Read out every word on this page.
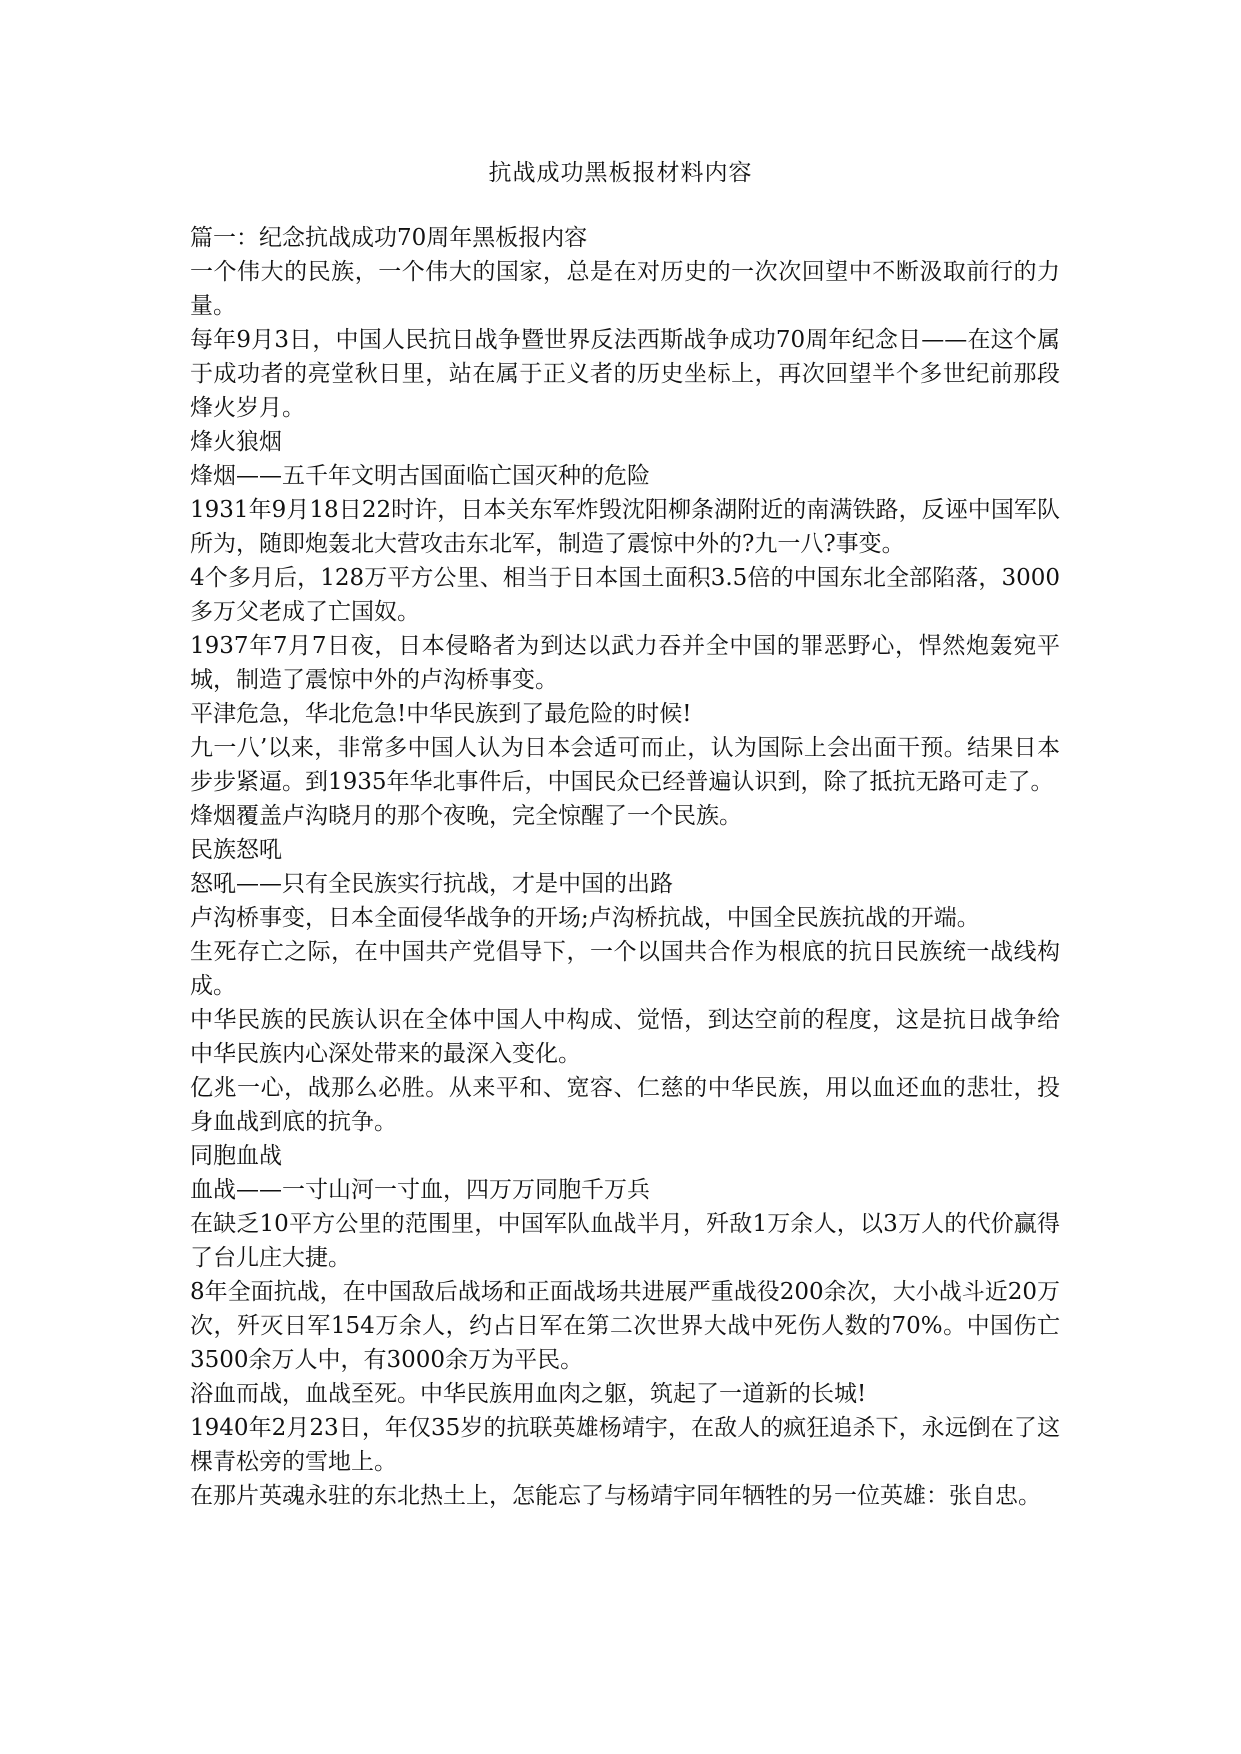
抗战成功黑板报材料内容

篇一：纪念抗战成功70周年黑板报内容

一个伟大的民族，一个伟大的国家，总是在对历史的一次次回望中不断汲取前行的力量。

每年9月3日，中国人民抗日战争暨世界反法西斯战争成功70周年纪念日——在这个属于成功者的亮堂秋日里，站在属于正义者的历史坐标上，再次回望半个多世纪前那段烽火岁月。

烽火狼烟

烽烟——五千年文明古国面临亡国灭种的危险

1931年9月18日22时许，日本关东军炸毁沈阳柳条湖附近的南满铁路，反诬中国军队所为，随即炮轰北大营攻击东北军，制造了震惊中外的?九一八?事变。

4个多月后，128万平方公里、相当于日本国土面积3.5倍的中国东北全部陷落，3000多万父老成了亡国奴。

1937年7月7日夜，日本侵略者为到达以武力吞并全中国的罪恶野心，悍然炮轰宛平城，制造了震惊中外的卢沟桥事变。

平津危急，华北危急!中华民族到了最危险的时候!

九一八’以来，非常多中国人认为日本会适可而止，认为国际上会出面干预。结果日本步步紧逼。到1935年华北事件后，中国民众已经普遍认识到，除了抵抗无路可走了。

烽烟覆盖卢沟晓月的那个夜晚，完全惊醒了一个民族。

民族怒吼

怒吼——只有全民族实行抗战，才是中国的出路

卢沟桥事变，日本全面侵华战争的开场;卢沟桥抗战，中国全民族抗战的开端。

生死存亡之际，在中国共产党倡导下，一个以国共合作为根底的抗日民族统一战线构成。

中华民族的民族认识在全体中国人中构成、觉悟，到达空前的程度，这是抗日战争给中华民族内心深处带来的最深入变化。

亿兆一心，战那么必胜。从来平和、宽容、仁慈的中华民族，用以血还血的悲壮，投身血战到底的抗争。

同胞血战

血战——一寸山河一寸血，四万万同胞千万兵

在缺乏10平方公里的范围里，中国军队血战半月，歼敌1万余人，以3万人的代价赢得了台儿庄大捷。

8年全面抗战，在中国敌后战场和正面战场共进展严重战役200余次，大小战斗近20万次，歼灭日军154万余人，约占日军在第二次世界大战中死伤人数的70%。中国伤亡3500余万人中，有3000余万为平民。

浴血而战，血战至死。中华民族用血肉之躯，筑起了一道新的长城!

1940年2月23日，年仅35岁的抗联英雄杨靖宇，在敌人的疯狂追杀下，永远倒在了这棵青松旁的雪地上。

在那片英魂永驻的东北热土上，怎能忘了与杨靖宇同年牺牲的另一位英雄：张自忠。
